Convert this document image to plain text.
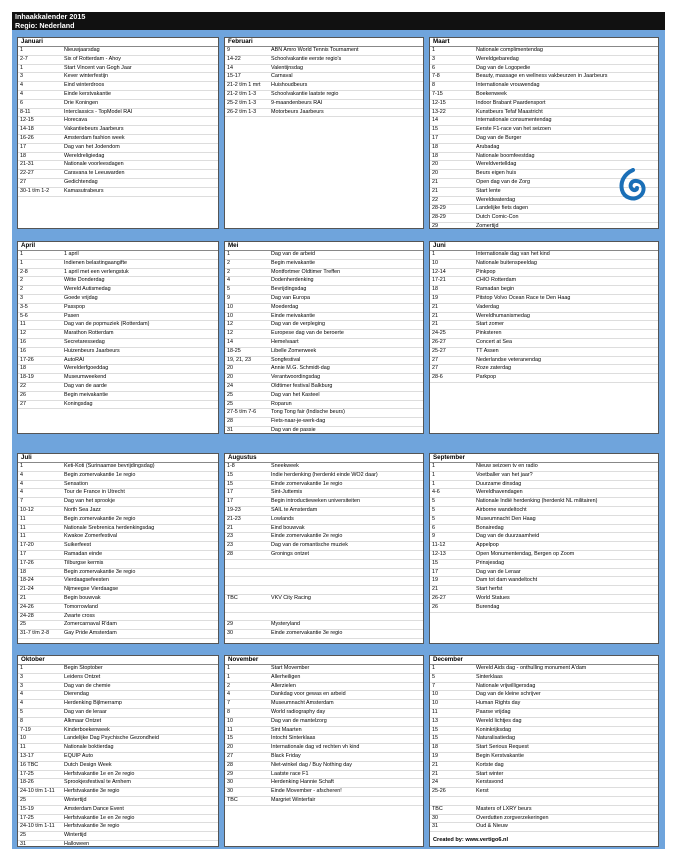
Inhaakkalender 2015
Regio: Nederland
Januari
1	Nieuwjaarsdag
2-7	Six of Rotterdam - Ahoy
1	Start Vincent van Gogh Jaar
3	Kever winterfestijn
4	Eind winterdroos
4	Einde kerstvakantie
6	Drie Koningen
8-11	Interclassics - TopModel RAI
12-15	Horecava
14-18	Vakantiebeurs Jaarbeurs
16-26	Amsterdam fashion week
17	Dag van het Jodendom
18	Wereldreligiedag
21-31	Nationale voorleesdagen
22-27	Caravana te Leeuwarden
27	Gedichtendag
30-1 t/m 1-2	Kamasutrabeurs
Februari
9	ABN Amro World Tennis Tournament
14-22	Schoolvakantie eerste regio's
14	Valentijnsdag
15-17	Carnaval
21-2 t/m 1 mrt	Huishoudbeurs
21-2 t/m 1-3	Schoolvakantie laatste regio
25-2 t/m 1-3	9-maandenbeurs RAI
26-2 t/m 1-3	Motorbeurs Jaarbeurs
Maart
1	Nationale complimentendag
3	Wereldgebaredag
6	Dag van de Logopedie
7-8	Beauty, massage en wellness vakbeurzen in Jaarbeurs
8	Internationale vrouwendag
7-15	Boekenweek
12-15	Indoor Brabant Paardensport
13-22	Kunstbeurs Tefaf Maastricht
14	Internationale consumentendag
15	Eerste F1-race van het seizoen
17	Dag van de Burger
18	Arubadag
18	Nationale boomfeestdag
20	Wereldvertelldag
20	Beurs eigen huis
21	Open dag van de Zorg
21	Start lente
22	Wereldwaterdag
28-29	Landelijke fiets dagen
28-29	Dutch Comic-Con
29	Zomertijd
April
1	1 april
1	Indienen belastingaangifte
2-8	1 april met een verlengstuk
2	Witte Donderdag
2	Wereld Autismedag
3	Goede vrijdag
3-5	Passpop
5-6	Pasen
11	Dag van de popmuziek (Rotterdam)
12	Marathon Rotterdam
16	Secretaressedag
16	Huizenbeurs Jaarbeurs
17-26	AutoRAI
18	Werelderfgoeddag
18-19	Museumweekend
22	Dag van de aarde
26	Begin meivakantie
27	Koningsdag
Mei
1	Dag van de arbeid
2	Begin meivakantie
2	Montfortmer Oldtimer Treffen
4	Dodenherdenking
5	Bevrijdingsdag
9	Dag van Europa
10	Moederdag
10	Einde meivakantie
12	Dag van de verpleging
12	Europese dag van de beroerte
14	Hemelvaart
18-25	Libelle Zomerweek
19, 21, 23	Songfestival
20	Annie M.G. Schmidt-dag
20	Verantwoordingsdag
24	Oldtimer festival Balkburg
25	Dag van het Kasteel
25	Roparun
27-5 t/m 7-6	Tong Tong fair (Indische beurs)
28	Fiets-naar-je-werk-dag
31	Dag van de passie
Juni
1	Internationale dag van het kind
10	Nationale buitenspeeldag
12-14	Pinkpop
17-21	CHIO Rotterdam
18	Ramadan begin
19	Pitstop Volvo Ocean Race te Den Haag
21	Vaderdag
21	Wereldhumanismedag
21	Start zomer
24-25	Pinksteren
26-27	Concert at Sea
25-27	TT Assen
27	Nederlandse veteranendag
27	Roze zaterdag
28-6	Parkpop
Juli
1	Keti-Koti (Surinaamse bevrijdingsdag)
4	Begin zomervakantie 1e regio
4	Sensation
4	Tour de France in Utrecht
7	Dag van het sprookje
10-12	North Sea Jazz
11	Begin zomervakantie 2e regio
11	Nationale Srebrenica herdenkingsdag
11	Kwakoe Zomerfestival
17-20	Suikerfeest
17	Ramadan einde
17-26	Tilburgse kermis
18	Begin zomervakantie 3e regio
18-24	Vierdaagsefeesten
21-24	Nijmeegse Vierdaagse
21	Begin bouwvak
24-26	Tomorrowland
24-28	Zwarte cross
25	Zomercarnaval R'dam
31-7 t/m 2-8	Gay Pride Amsterdam
Augustus
1-8	Sneekweek
15	Indie herdenking (herdenkt einde WO2 daar)
15	Einde zomervakantie 1e regio
17	Sint-Juttemis
17	Begin introductieweken universiteiten
19-23	SAIL te Amsterdam
21-23	Lowlands
21	Eind bouwvak
23	Einde zomervakantie 2e regio
23	Dag van de romantische muziek
28	Gronings ontzet
TBC	VKV City Racing
29	Mysteryland
30	Einde zomervakantie 3e regio
September
1	Nieuw seizoen tv en radio
1	Voetballer van het jaar?
1	Duurzame dinsdag
4-6	Wereldhavendagen
5	Nationale Indië herdenking (herdenkt NL militairen)
5	Airborne wandeltocht
5	Museumnacht Den Haag
6	Bonairedag
9	Dag van de duurzaamheid
11-12	Appelpop
12-13	Open Monumentendag, Bergen op Zoom
15	Prinsjesdag
17	Dag van de Leraar
19	Dam tot dam wandeltocht
21	Start herfst
26-27	World Statues
26	Burendag
Oktober
1	Begin Stoptober
3	Leidens Ontzet
3	Dag van de chemie
4	Dierendag
4	Herdenking Bijlmerramp
5	Dag van de leraar
8	Alkmaar Ontzet
7-19	Kinderboekenweek
10	Landelijke Dag Psychische Gezondheid
11	Nationale boktierdag
13-17	EQUIP Auto
16 TBC	Dutch Design Week
17-25	Herfstvakantie 1e en 2e regio
18-26	Sprookjesfestival te Arnhem
24-10 t/m 1-11	Herfstvakantie 3e regio
25	Wintertijd
15-19	Amsterdam Dance Event
17-25	Herfstvakantie 1e en 2e regio
24-10 t/m 1-11	Herfstvakantie 3e regio
25	Wintertijd
31	Halloween
November
1	Start Movember
1	Allerheiligen
2	Allerzielen
4	Dankdag voor gewas en arbeid
7	Museumnacht Amsterdam
8	World radiography day
10	Dag van de mantelzorg
11	Sint Maarten
15	Intocht Sinterklaas
20	Internationale dag vd rechten vh kind
27	Black Friday
28	Niet-winkel dag / Buy Nothing day
29	Laatste race F1
30	Herdenking Hannie Schaft
30	Einde Movember - afscheren!
TBC	Margriet Winterfair
December
1	Wereld Aids dag - onthulling monument A'dam
5	Sinterklaas
7	Nationale vrijwilligersdag
10	Dag van de kleine schrijver
10	Human Rights day
11	Paarse vrijdag
13	Wereld lichtjes dag
15	Koninkrijksdag
15	Naturalisatiedag
18	Start Serious Request
19	Begin Kerstvakantie
21	Kortste dag
21	Start winter
24	Kerstavond
25-26	Kerst
TBC	Masters of LXRY beurs
30	Overdutten zorgverzekeringen
31	Oud & Nieuw
Created by: www.vertigo6.nl
